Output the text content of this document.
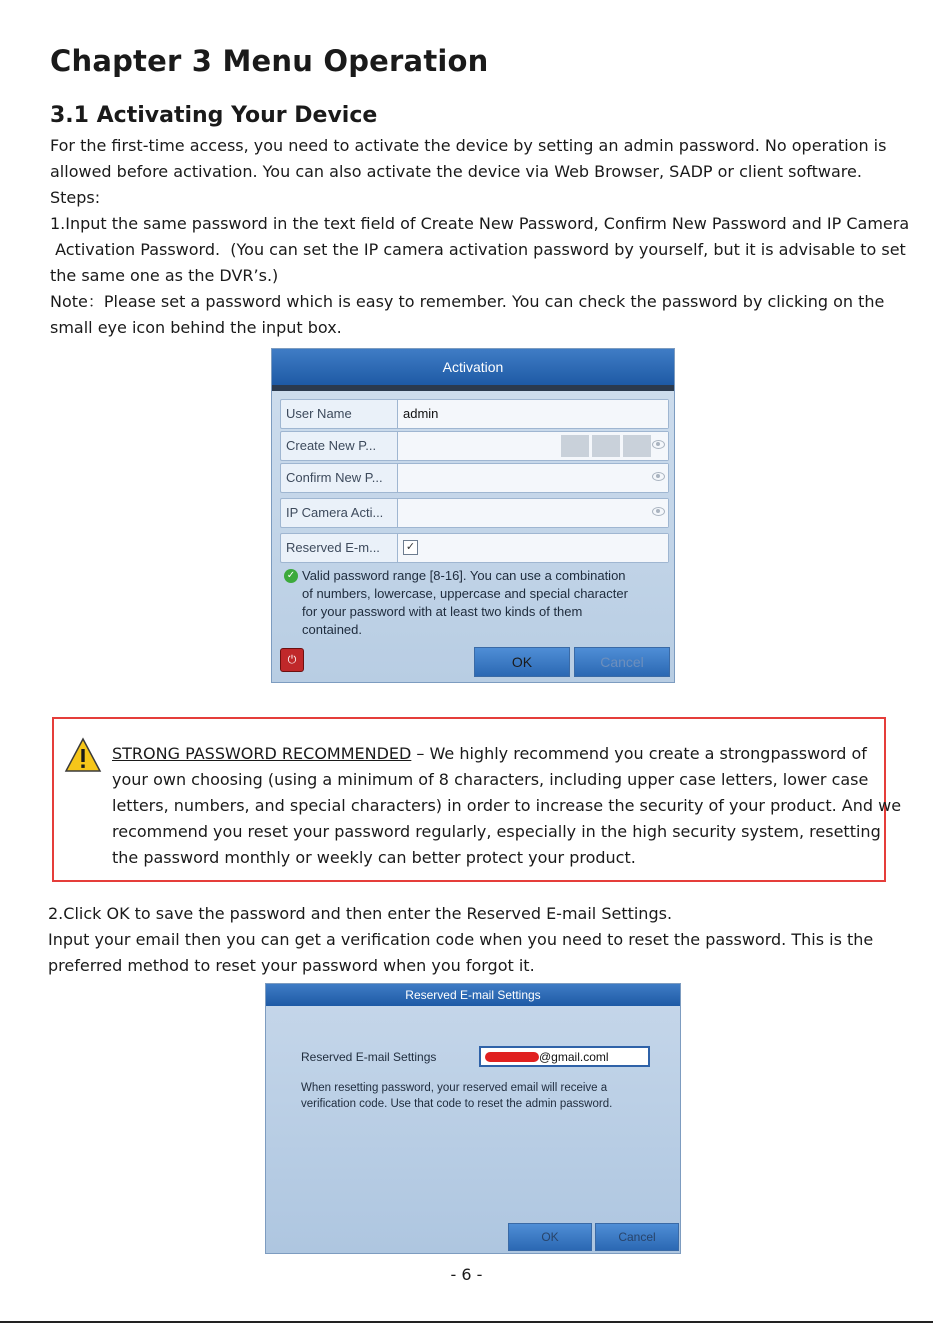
Chapter 3 Menu Operation
3.1 Activating Your Device

For the first-time access, you need to activate the device by setting an admin password. No operation is

allowed before activation. You can also activate the device via Web Browser, SADP or client software.

Steps:

1.Input the same password in the text field of Create New Password, Confirm New Password and IP Camera

Activation Password.  (You can set the IP camera activation password by yourself, but it is advisable to set

the same one as the DVR’s.)

Note：Please set a password which is easy to remember. You can check the password by clicking on the

small eye icon behind the input box.

Activation
User Name	admin
Create New P...
Confirm New P...
IP Camera Acti...
Reserved E-m... ✓
✓ Valid password range [8-16]. You can use a combination
of numbers, lowercase, uppercase and special character
for your password with at least two kinds of them
contained.
⏻	OK	Cancel

STRONG PASSWORD RECOMMENDED – We highly recommend you create a strongpassword of

your own choosing (using a minimum of 8 characters, including upper case letters, lower case

letters, numbers, and special characters) in order to increase the security of your product. And we

recommend you reset your password regularly, especially in the high security system, resetting

the password monthly or weekly can better protect your product.

2.Click OK to save the password and then enter the Reserved E-mail Settings.

Input your email then you can get a verification code when you need to reset the password. This is the

preferred method to reset your password when you forgot it.

Reserved E-mail Settings
Reserved E-mail Settings	@gmail.coml

When resetting password, your reserved email will receive a

verification code. Use that code to reset the admin password.

OK	Cancel
- 6 -
